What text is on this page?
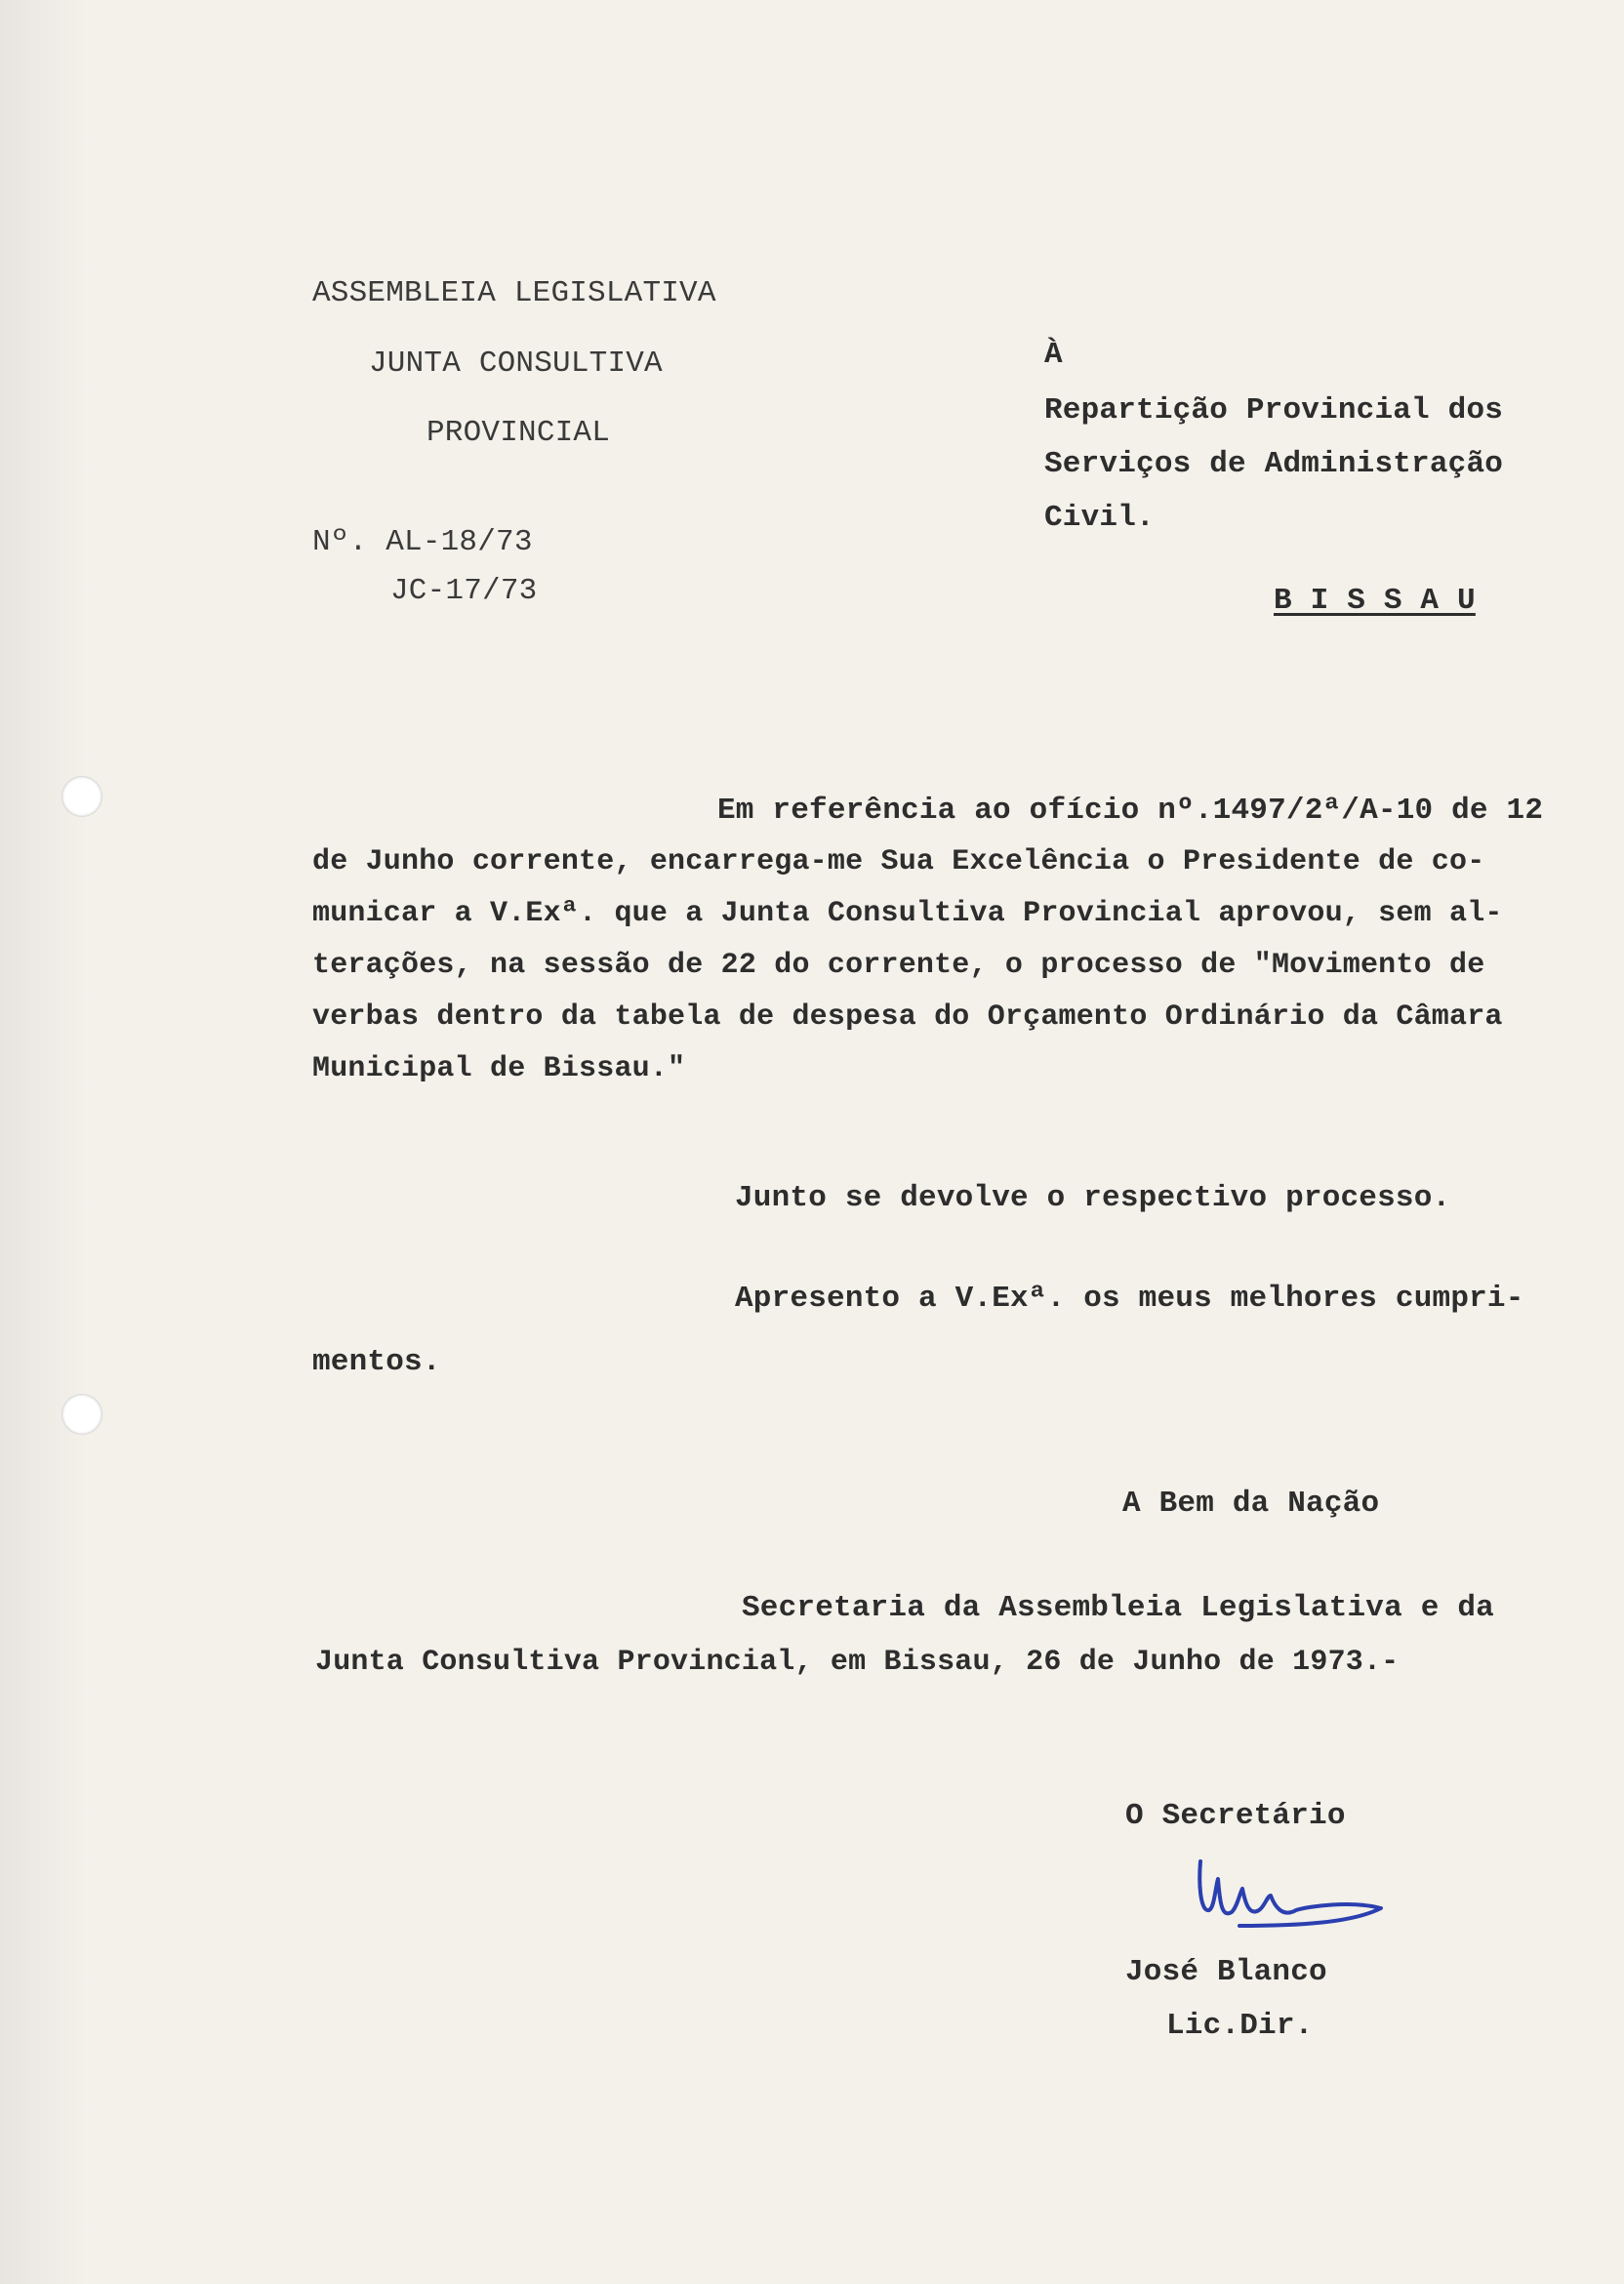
ASSEMBLEIA LEGISLATIVA
JUNTA CONSULTIVA
PROVINCIAL
Nº. AL-18/73
JC-17/73
À
Repartição Provincial dos
Serviços de Administração
Civil.
B I S S A U
Em referência ao ofício nº.1497/2ª/A-10 de 12
de Junho corrente, encarrega-me Sua Excelência o Presidente de co-
municar a V.Exª. que a Junta Consultiva Provincial aprovou, sem al-
terações, na sessão de 22 do corrente, o processo de "Movimento de
verbas dentro da tabela de despesa do Orçamento Ordinário da Câmara
Municipal de Bissau."
Junto se devolve o respectivo processo.
Apresento a V.Exª. os meus melhores cumpri-
mentos.
A Bem da Nação
Secretaria da Assembleia Legislativa e da
Junta Consultiva Provincial, em Bissau, 26 de Junho de 1973.-
O Secretário
José Blanco
Lic.Dir.
